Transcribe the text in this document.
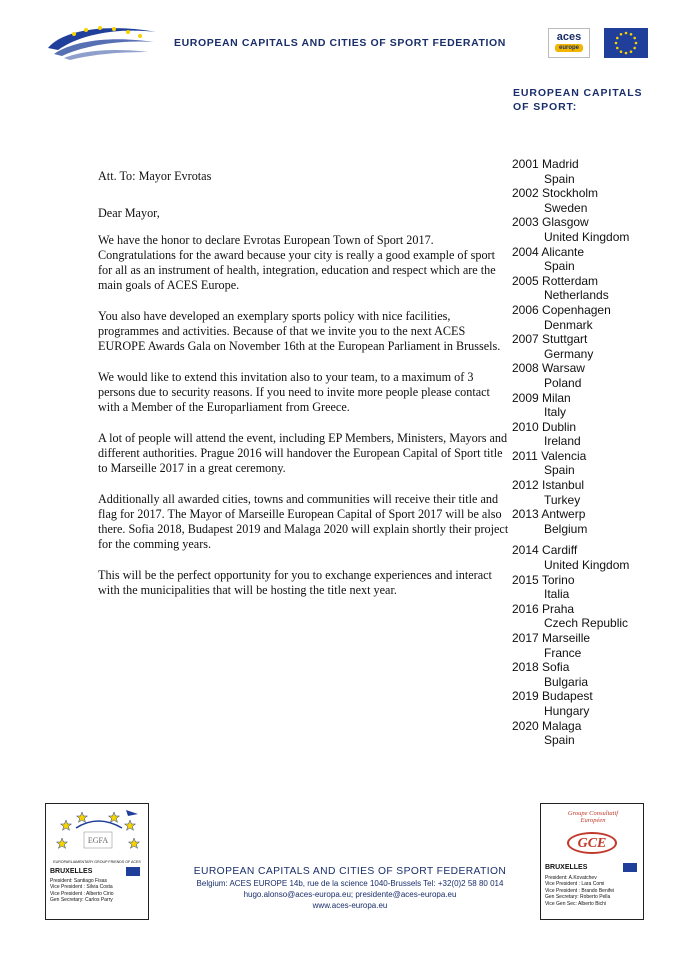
EUROPEAN CAPITALS AND CITIES OF SPORT FEDERATION	aces
europe
EUROPEAN CAPITALS
OF SPORT:
2001 Madrid
Spain
2002 Stockholm
Sweden
2003 Glasgow
United Kingdom
2004 Alicante
Spain
2005 Rotterdam
Netherlands
2006 Copenhagen
Denmark
2007 Stuttgart
Germany
2008 Warsaw
Poland
2009 Milan
Italy
2010 Dublin
Ireland
2011 Valencia
Spain
2012 Istanbul
Turkey
2013 Antwerp
Belgium
2014 Cardiff
United Kingdom
2015 Torino
Italia
2016 Praha
Czech Republic
2017 Marseille
France
2018 Sofia
Bulgaria
2019 Budapest
Hungary
2020 Malaga
Spain

Att. To: Mayor Evrotas

Dear Mayor,

We have the honor to declare Evrotas European Town of Sport 2017. Congratulations for the award because your city is really a good example of sport for all as an instrument of health, integration, education and respect which are the main goals of ACES Europe.

You also have developed an exemplary sports policy with nice facilities, programmes and activities. Because of that we invite you to the next ACES EUROPE Awards Gala on November 16th at the European Parliament in Brussels.

We would like to extend this invitation also to your team, to a maximum of 3 persons due to security reasons. If you need to invite more people please contact with a Member of the Europarliament from Greece.

A lot of people will attend the event, including EP Members, Ministers, Mayors and different authorities. Prague 2016 will handover the European Capital of Sport title to Marseille 2017 in a great ceremony.

Additionally all awarded cities, towns and communities will receive their title and flag for 2017. The Mayor of Marseille European Capital of Sport 2017 will be also there. Sofia 2018, Budapest 2019 and Malaga 2020 will explain shortly their project for the comming years.

This will be the perfect opportunity for you to exchange experiences and interact with the municipalities that will be hosting the title next year.

EGFA
EUROPARLIAMENTARY GROUP FRIENDS OF ACES
BRUXELLES
President: Santiago Fisas
Vice President : Silvia Costa
Vice President : Alberto Cirio
Gen Secretary: Carlos Parry
EUROPEAN CAPITALS AND CITIES OF SPORT FEDERATION
Belgium: ACES EUROPE 14b, rue de la science 1040-Brussels Tel: +32(0)2 58 80 014
hugo.alonso@aces-europa.eu; presidente@aces-europa.eu
www.aces-europa.eu
Groupe Consultatif Européen
GCE
BRUXELLES
President: A.Kovatchev
Vice President : Lara Comi
Vice President : Brando Benifei
Gen Secretary: Roberto Pella
Vice Gen Sec: Alberto Bichi
